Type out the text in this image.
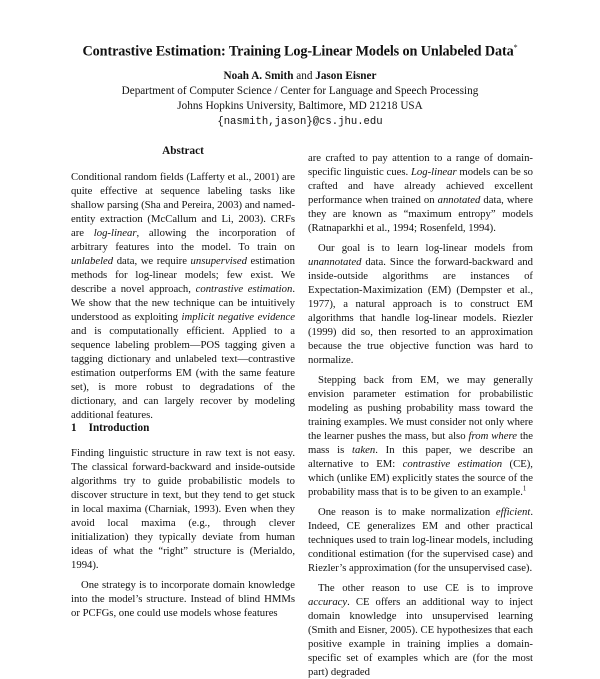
Contrastive Estimation: Training Log-Linear Models on Unlabeled Data*
Noah A. Smith and Jason Eisner
Department of Computer Science / Center for Language and Speech Processing
Johns Hopkins University, Baltimore, MD 21218 USA
{nasmith,jason}@cs.jhu.edu
Abstract

Conditional random fields (Lafferty et al., 2001) are quite effective at sequence labeling tasks like shallow parsing (Sha and Pereira, 2003) and named-entity extraction (McCallum and Li, 2003). CRFs are log-linear, allowing the incorporation of arbitrary features into the model. To train on unlabeled data, we require unsupervised estimation methods for log-linear models; few exist. We describe a novel approach, contrastive estimation. We show that the new technique can be intuitively understood as exploiting implicit negative evidence and is computationally efficient. Applied to a sequence labeling problem—POS tagging given a tagging dictionary and unlabeled text—contrastive estimation outperforms EM (with the same feature set), is more robust to degradations of the dictionary, and can largely recover by modeling additional features.

1 Introduction

Finding linguistic structure in raw text is not easy. The classical forward-backward and inside-outside algorithms try to guide probabilistic models to discover structure in text, but they tend to get stuck in local maxima (Charniak, 1993). Even when they avoid local maxima (e.g., through clever initialization) they typically deviate from human ideas of what the “right” structure is (Merialdo, 1994).

One strategy is to incorporate domain knowledge into the model’s structure. Instead of blind HMMs or PCFGs, one could use models whose features

are crafted to pay attention to a range of domain-specific linguistic cues. Log-linear models can be so crafted and have already achieved excellent performance when trained on annotated data, where they are known as “maximum entropy” models (Ratnaparkhi et al., 1994; Rosenfeld, 1994).

Our goal is to learn log-linear models from unannotated data. Since the forward-backward and inside-outside algorithms are instances of Expectation-Maximization (EM) (Dempster et al., 1977), a natural approach is to construct EM algorithms that handle log-linear models. Riezler (1999) did so, then resorted to an approximation because the true objective function was hard to normalize.

Stepping back from EM, we may generally envision parameter estimation for probabilistic modeling as pushing probability mass toward the training examples. We must consider not only where the learner pushes the mass, but also from where the mass is taken. In this paper, we describe an alternative to EM: contrastive estimation (CE), which (unlike EM) explicitly states the source of the probability mass that is to be given to an example.$^1$

One reason is to make normalization efficient. Indeed, CE generalizes EM and other practical techniques used to train log-linear models, including conditional estimation (for the supervised case) and Riezler’s approximation (for the unsupervised case).

The other reason to use CE is to improve accuracy. CE offers an additional way to inject domain knowledge into unsupervised learning (Smith and Eisner, 2005). CE hypothesizes that each positive example in training implies a domain-specific set of examples which are (for the most part) degraded
